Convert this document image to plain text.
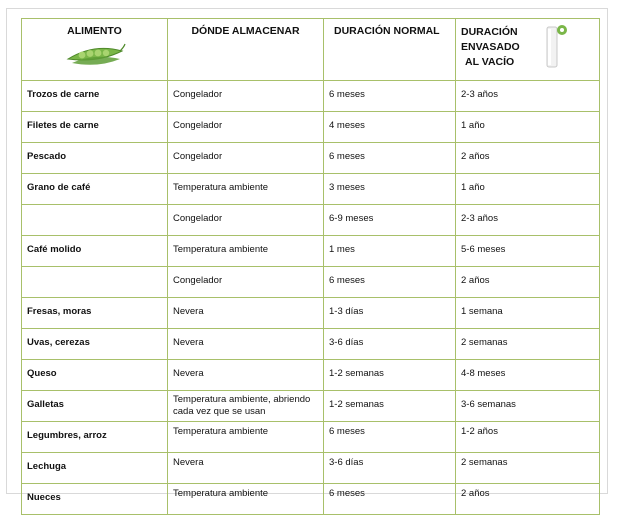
ALIMENTO	DÓNDE ALMACENAR	DURACIÓN NORMAL	DURACIÓN
ENVASADO
AL VACÍO

Trozos de carne	Congelador	6 meses	2-3 años
Filetes de carne	Congelador	4 meses	1 año
Pescado	Congelador	6 meses	2 años
Grano de café	Temperatura ambiente	3 meses	1 año
	Congelador	6-9 meses	2-3 años
Café molido	Temperatura ambiente	1 mes	5-6 meses
	Congelador	6 meses	2 años
Fresas, moras	Nevera	1-3 días	1 semana
Uvas, cerezas	Nevera	3-6 días	2 semanas
Queso	Nevera	1-2 semanas	4-8 meses
Galletas	Temperatura ambiente, abriendo cada vez que se usan	1-2 semanas	3-6 semanas
Legumbres, arroz	Temperatura ambiente	6 meses	1-2 años
Lechuga	Nevera	3-6 días	2 semanas
Nueces	Temperatura ambiente	6 meses	2 años
